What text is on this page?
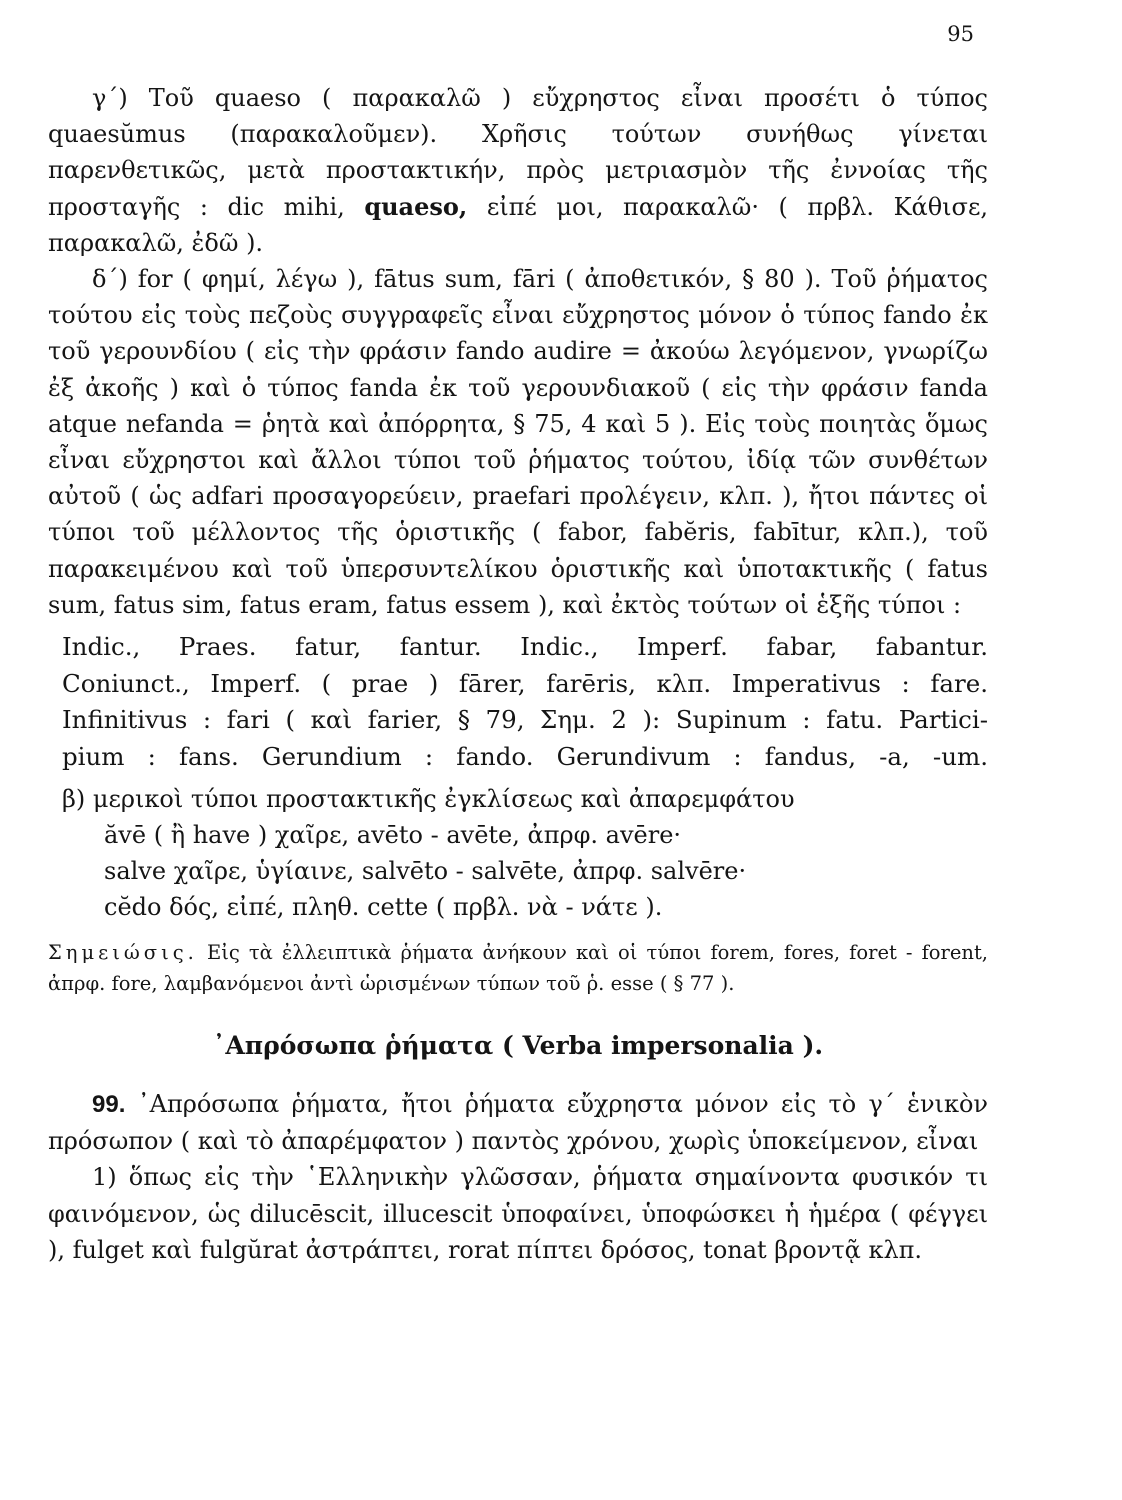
95

γ΄) Τοῦ quaeso ( παρακαλῶ ) εὔχρηστος εἶναι προσέτι ὁ τύπος quaesŭmus (παρακαλοῦμεν). Χρῆσις τούτων συνήθως γίνεται παρενθετικῶς, μετὰ προστακτικήν, πρὸς μετριασμὸν τῆς ἐννοίας τῆς προσταγῆς : dic mihi, quaeso, εἰπέ μοι, παρακαλῶ· ( πρβλ. Κάθισε, παρακαλῶ, ἐδῶ ).

δ΄) for ( φημί, λέγω ), fātus sum, fāri ( ἀποθετικόν, § 80 ). Τοῦ ῥήματος τούτου εἰς τοὺς πεζοὺς συγγραφεῖς εἶναι εὔχρηστος μόνον ὁ τύπος fando ἐκ τοῦ γερουνδίου ( εἰς τὴν φράσιν fando audire = ἀκούω λεγόμενον, γνωρίζω ἐξ ἀκοῆς ) καὶ ὁ τύπος fanda ἐκ τοῦ γερουνδιακοῦ ( εἰς τὴν φράσιν fanda atque nefanda = ῥητὰ καὶ ἀπόρρητα, § 75, 4 καὶ 5 ). Εἰς τοὺς ποιητὰς ὅμως εἶναι εὔχρηστοι καὶ ἄλλοι τύποι τοῦ ῥήματος τούτου, ἰδίᾳ τῶν συνθέτων αὐτοῦ ( ὡς adfari προσαγορεύειν, praefari προλέγειν, κλπ. ), ἤτοι πάντες οἱ τύποι τοῦ μέλλοντος τῆς ὁριστικῆς ( fabor, fabĕris, fabītur, κλπ.), τοῦ παρακειμένου καὶ τοῦ ὑπερσυντελίκου ὁριστικῆς καὶ ὑποτακτικῆς ( fatus sum, fatus sim, fatus eram, fatus essem ), καὶ ἐκτὸς τούτων οἱ ἑξῆς τύποι :

Indic., Praes. fatur, fantur. Indic., Imperf. fabar, fabantur.
Coniunct., Imperf. ( prae ) fārer, farēris, κλπ. Imperativus : fare.
Infinitivus : fari ( καὶ farier, § 79, Σημ. 2 ): Supinum : fatu. Partici-
pium : fans. Gerundium : fando. Gerundivum : fandus, -a, -um.
β) μερικοὶ τύποι προστακτικῆς ἐγκλίσεως καὶ ἀπαρεμφάτου
ăvē ( ἢ have ) χαῖρε, avēto - avēte, ἀπρφ. avēre·
salve χαῖρε, ὑγίαινε, salvēto - salvēte, ἀπρφ. salvēre·
cĕdo δός, εἰπέ, πληθ. cette ( πρβλ. νὰ - νάτε ).

Σημειώσις. Εἰς τὰ ἐλλειπτικὰ ῥήματα ἀνήκουν καὶ οἱ τύποι forem, fores, foret - forent, ἀπρφ. fore, λαμβανόμενοι ἀντὶ ὡρισμένων τύπων τοῦ ῥ. esse ( § 77 ).

᾿Απρόσωπα ῥήματα ( Verba impersonalia ).

99. ᾿Απρόσωπα ῥήματα, ἤτοι ῥήματα εὔχρηστα μόνον εἰς τὸ γ΄ ἑνικὸν πρόσωπον ( καὶ τὸ ἀπαρέμφατον ) παντὸς χρόνου, χωρὶς ὑποκείμενον, εἶναι

1) ὅπως εἰς τὴν ῾Ελληνικὴν γλῶσσαν, ῥήματα σημαίνοντα φυσικόν τι φαινόμενον, ὡς dilucēscit, illucescit ὑποφαίνει, ὑποφώσκει ἡ ἡμέρα ( φέγγει ), fulget καὶ fulgŭrat ἀστράπτει, rorat πίπτει δρόσος, tonat βροντᾷ κλπ.
